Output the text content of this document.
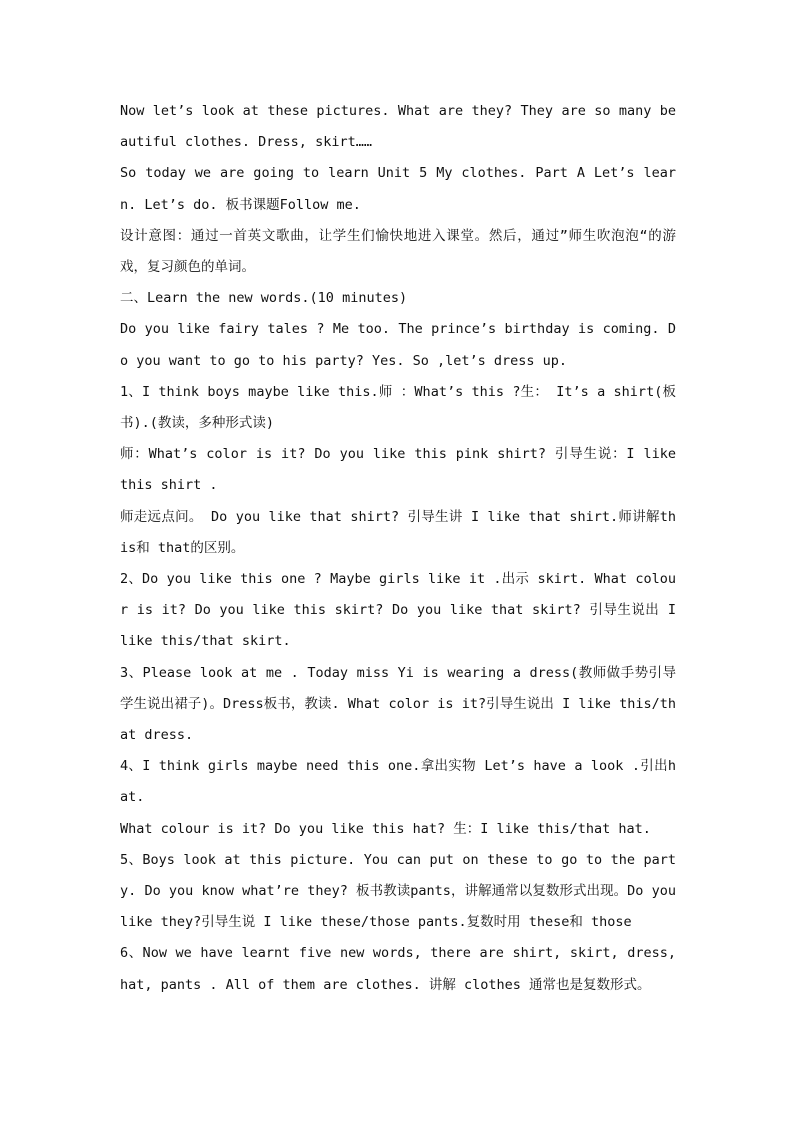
Now let’s look at these pictures. What are they? They are so many beautiful clothes. Dress, skirt……

So today we are going to learn Unit 5 My clothes. Part A Let’s learn. Let’s do. 板书课题Follow me.

设计意图：通过一首英文歌曲，让学生们愉快地进入课堂。然后，通过”师生吹泡泡“的游戏，复习颜色的单词。

二、Learn the new words.(10 minutes)

Do you like fairy tales ? Me too. The prince’s birthday is coming. Do you want to go to his party? Yes. So ,let’s dress up.

1、I think boys maybe like this.师 ：What’s this ?生： It’s a shirt(板书).(教读，多种形式读)

师：What’s color is it? Do you like this pink shirt? 引导生说：I like this shirt .

师走远点问。 Do you like that shirt? 引导生讲 I like that shirt.师讲解this和 that的区别。

2、Do you like this one ? Maybe girls like it .出示 skirt. What colour is it? Do you like this skirt? Do you like that skirt? 引导生说出 I like this/that skirt.

3、Please look at me . Today miss Yi is wearing a dress(教师做手势引导学生说出裙子)。Dress板书，教读. What color is it?引导生说出 I like this/that dress.

4、I think girls maybe need this one.拿出实物 Let’s have a look .引出hat.

What colour is it? Do you like this hat? 生：I like this/that hat.

5、Boys look at this picture. You can put on these to go to the party. Do you know what’re they? 板书教读pants，讲解通常以复数形式出现。Do you like they?引导生说 I like these/those pants.复数时用 these和 those

6、Now we have learnt five new words, there are shirt, skirt, dress, hat, pants . All of them are clothes. 讲解 clothes 通常也是复数形式。
